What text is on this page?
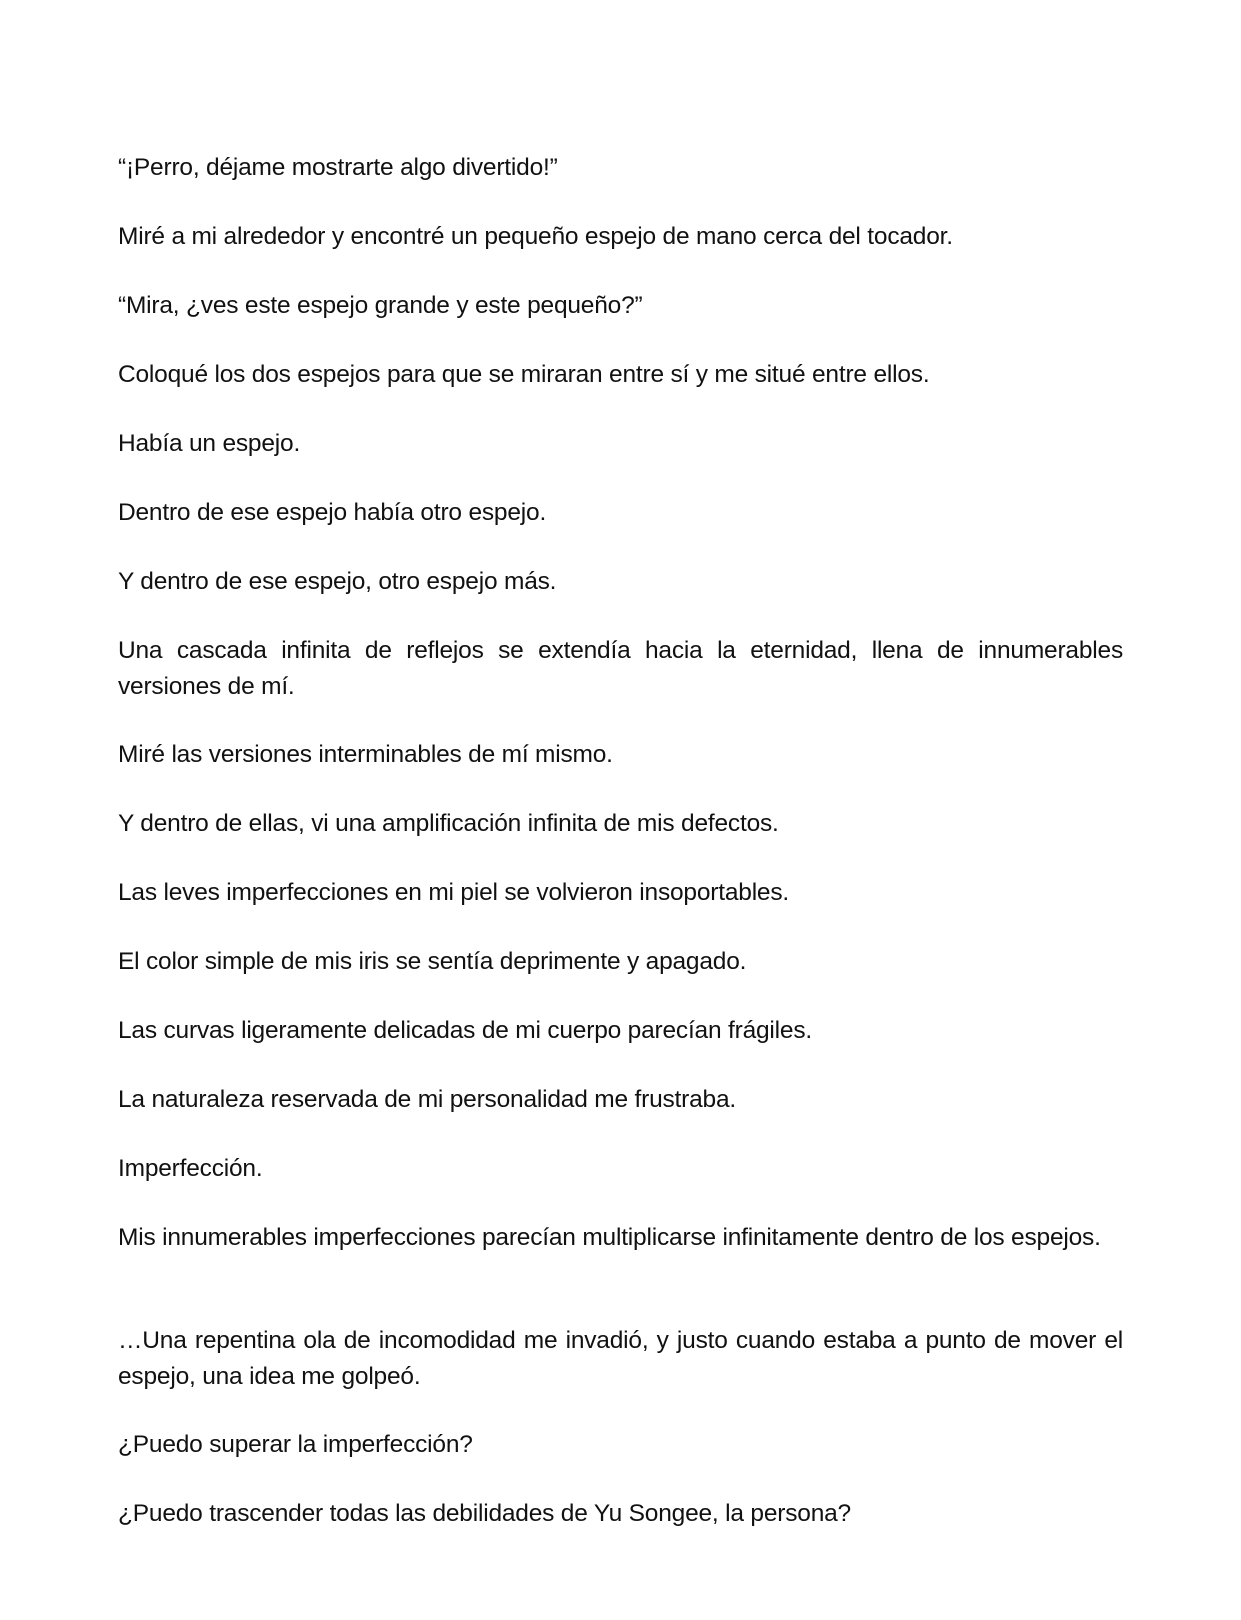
“¡Perro, déjame mostrarte algo divertido!”

Miré a mi alrededor y encontré un pequeño espejo de mano cerca del tocador.

“Mira, ¿ves este espejo grande y este pequeño?”

Coloqué los dos espejos para que se miraran entre sí y me situé entre ellos.

Había un espejo.

Dentro de ese espejo había otro espejo.

Y dentro de ese espejo, otro espejo más.

Una cascada infinita de reflejos se extendía hacia la eternidad, llena de innumerables versiones de mí.

Miré las versiones interminables de mí mismo.

Y dentro de ellas, vi una amplificación infinita de mis defectos.

Las leves imperfecciones en mi piel se volvieron insoportables.

El color simple de mis iris se sentía deprimente y apagado.

Las curvas ligeramente delicadas de mi cuerpo parecían frágiles.

La naturaleza reservada de mi personalidad me frustraba.

Imperfección.

Mis innumerables imperfecciones parecían multiplicarse infinitamente dentro de los espejos.

…Una repentina ola de incomodidad me invadió, y justo cuando estaba a punto de mover el espejo, una idea me golpeó.

¿Puedo superar la imperfección?

¿Puedo trascender todas las debilidades de Yu Songee, la persona?
